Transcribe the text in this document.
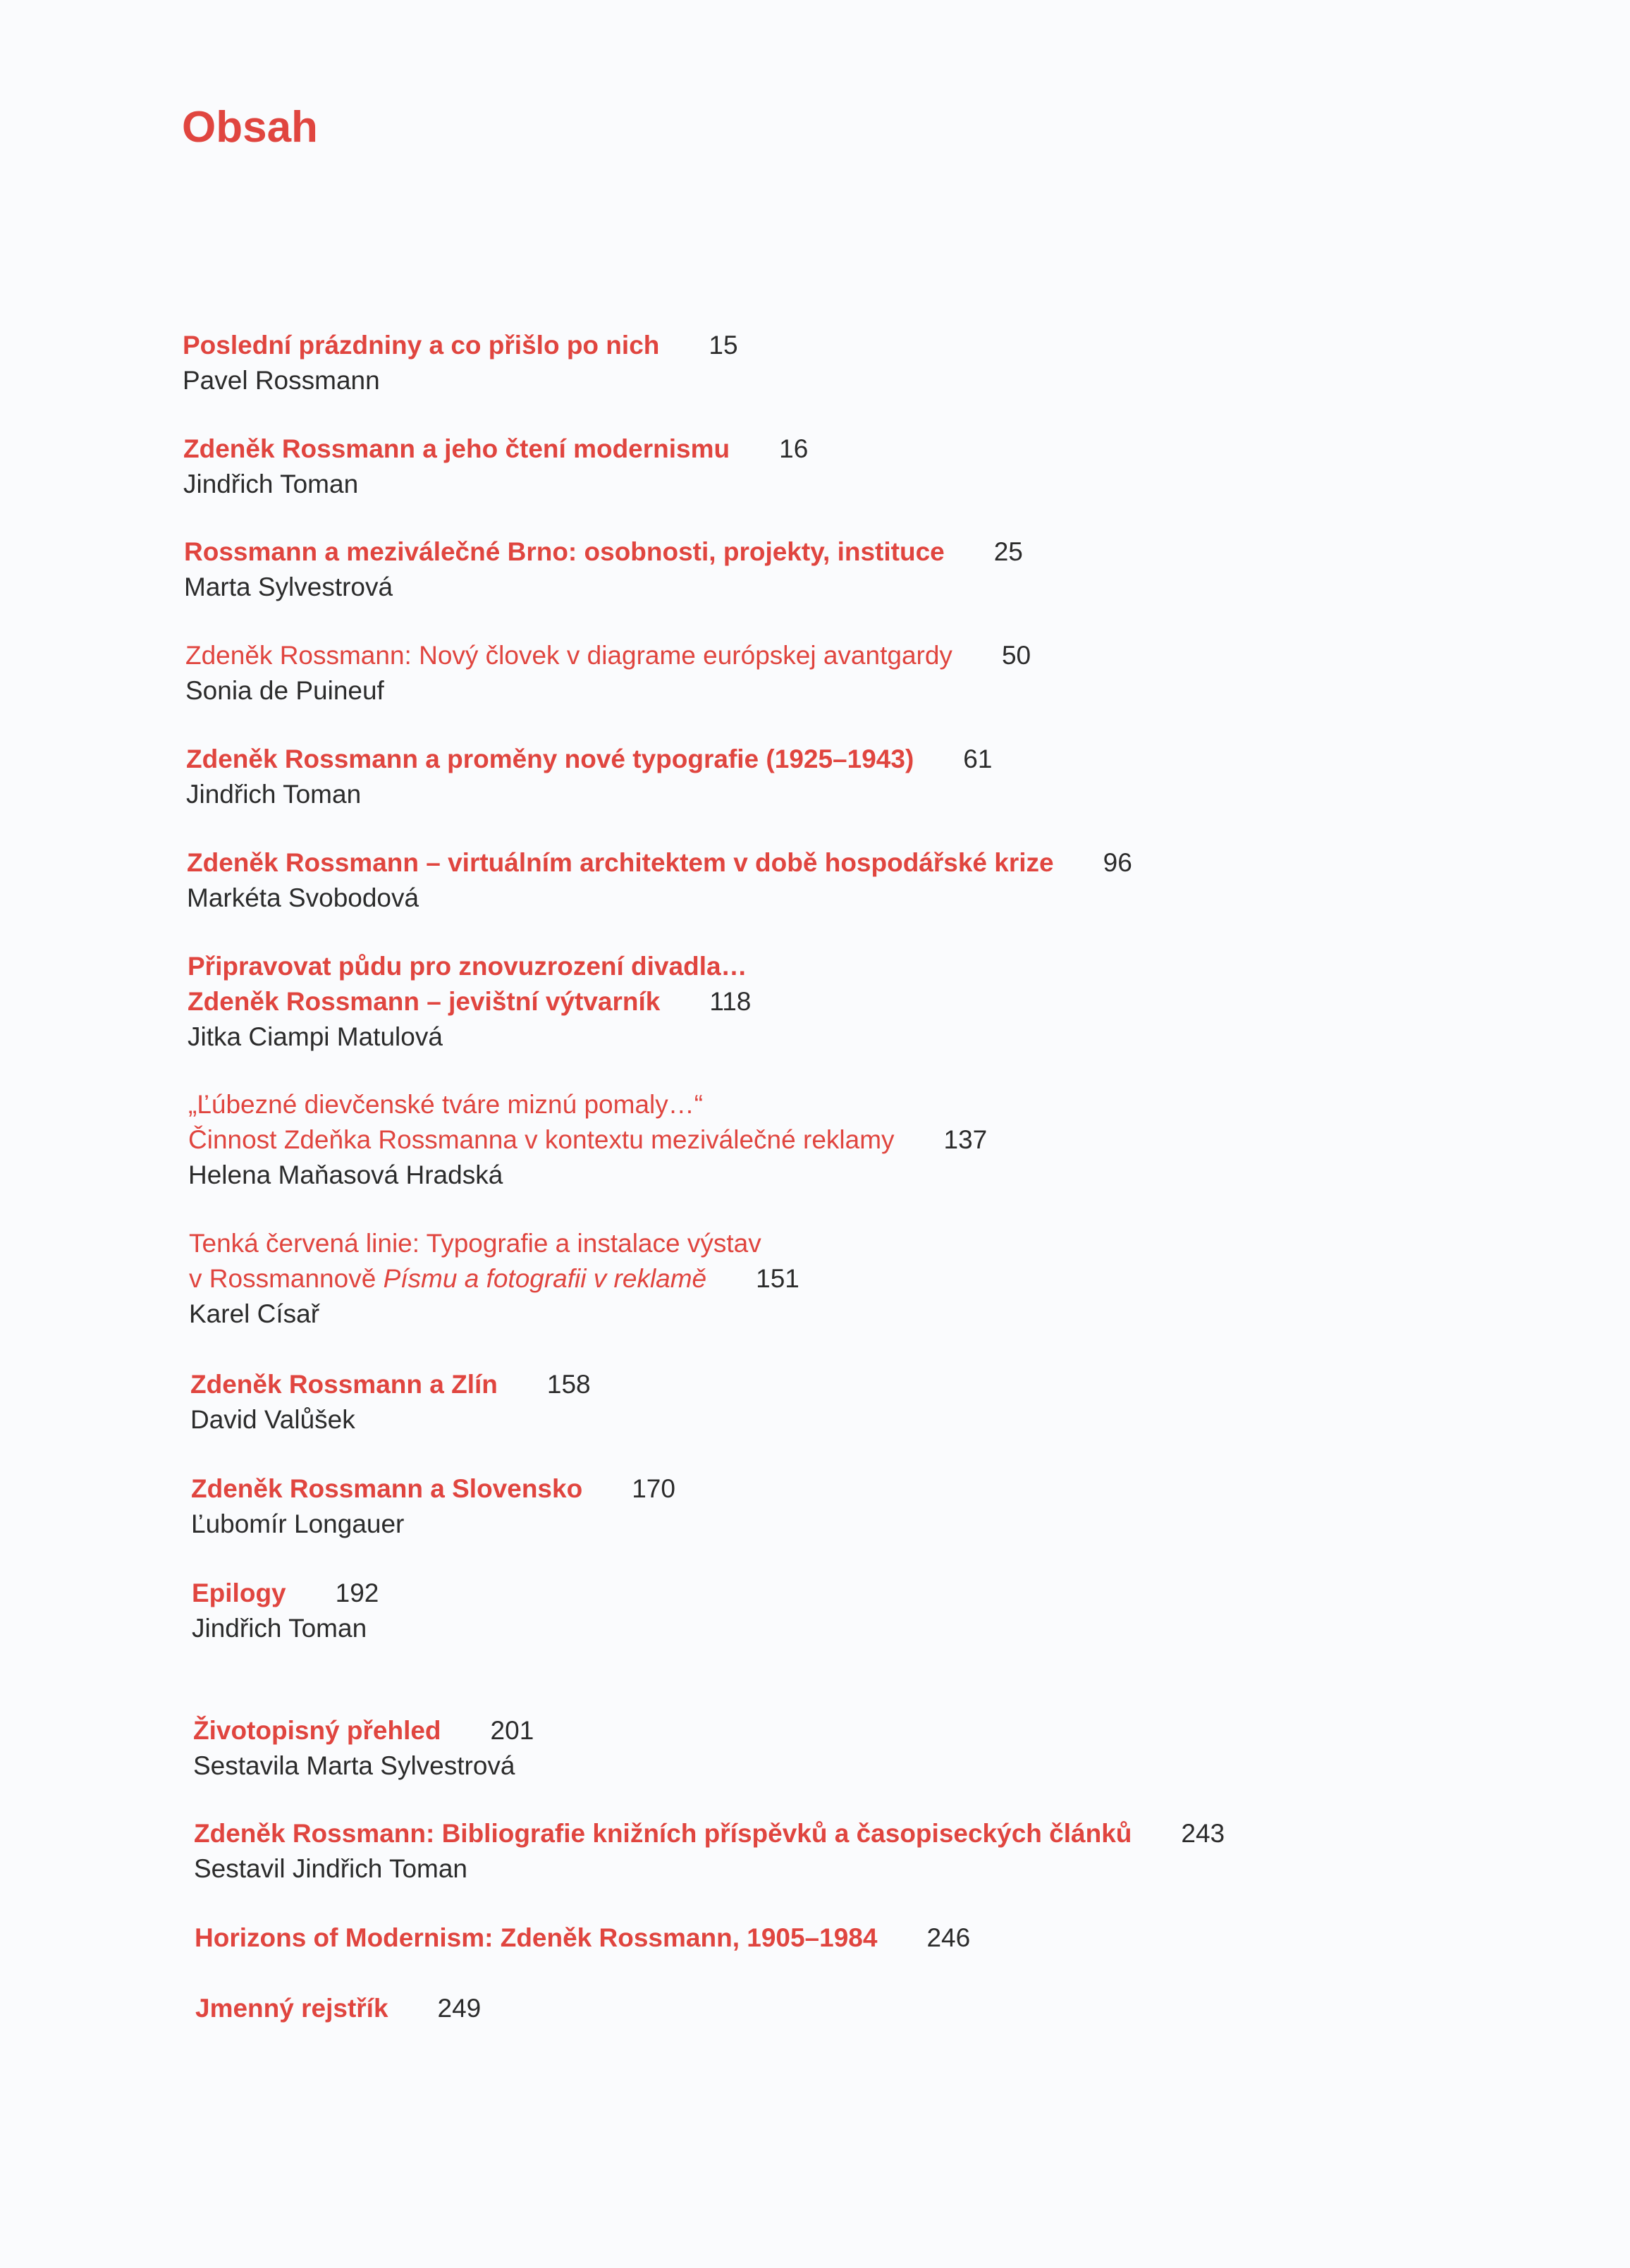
Obsah
Poslední prázdniny a co přišlo po nich 15
Pavel Rossmann
Zdeněk Rossmann a jeho čtení modernismu 16
Jindřich Toman
Rossmann a meziválečné Brno: osobnosti, projekty, instituce 25
Marta Sylvestrová
Zdeněk Rossmann: Nový človek v diagrame európskej avantgardy 50
Sonia de Puineuf
Zdeněk Rossmann a proměny nové typografie (1925–1943) 61
Jindřich Toman
Zdeněk Rossmann – virtuálním architektem v době hospodářské krize 96
Markéta Svobodová
Připravovat půdu pro znovuzrození divadla…
Zdeněk Rossmann – jevištní výtvarník 118
Jitka Ciampi Matulová
„Ľúbezné dievčenské tváre miznú pomaly…“
Činnost Zdeňka Rossmanna v kontextu meziválečné reklamy 137
Helena Maňasová Hradská
Tenká červená linie: Typografie a instalace výstav
v Rossmannově Písmu a fotografii v reklamě 151
Karel Císař
Zdeněk Rossmann a Zlín 158
David Valůšek
Zdeněk Rossmann a Slovensko 170
Ľubomír Longauer
Epilogy 192
Jindřich Toman
Životopisný přehled 201
Sestavila Marta Sylvestrová
Zdeněk Rossmann: Bibliografie knižních příspěvků a časopiseckých článků 243
Sestavil Jindřich Toman
Horizons of Modernism: Zdeněk Rossmann, 1905–1984 246
Jmenný rejstřík 249
